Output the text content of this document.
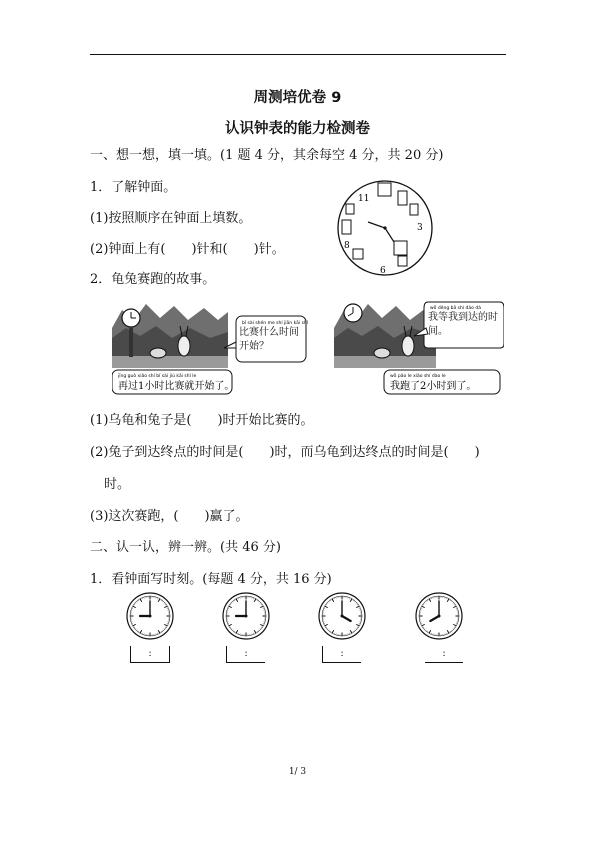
周测培优卷 9
认识钟表的能力检测卷
一、想一想，填一填。(1 题 4 分，其余每空 4 分，共 20 分)
1．了解钟面。
(1)按照顺序在钟面上填数。
(2)钟面上有(　　)针和(　　)针。
11
3
8
6
2．龟兔赛跑的故事。
bǐ sài shén me shí jiān kāi shǐ
比赛什么时间开始？
jīng guò xiǎo shí bǐ sài jiù kāi shǐ le
再过1小时比赛就开始了。
wǒ děng bā shí dào dá
我等我到达的时间。
wǒ pǎo le xiǎo shí dào le
我跑了2小时到了。
(1)乌龟和兔子是(　　)时开始比赛的。
(2)兔子到达终点的时间是(　　)时，而乌龟到达终点的时间是(　　)
时。
(3)这次赛跑，(　　)赢了。
二、认一认，辨一辨。(共 46 分)
1．看钟面写时刻。(每题 4 分，共 16 分)
:	:	:	:
1/ 3
